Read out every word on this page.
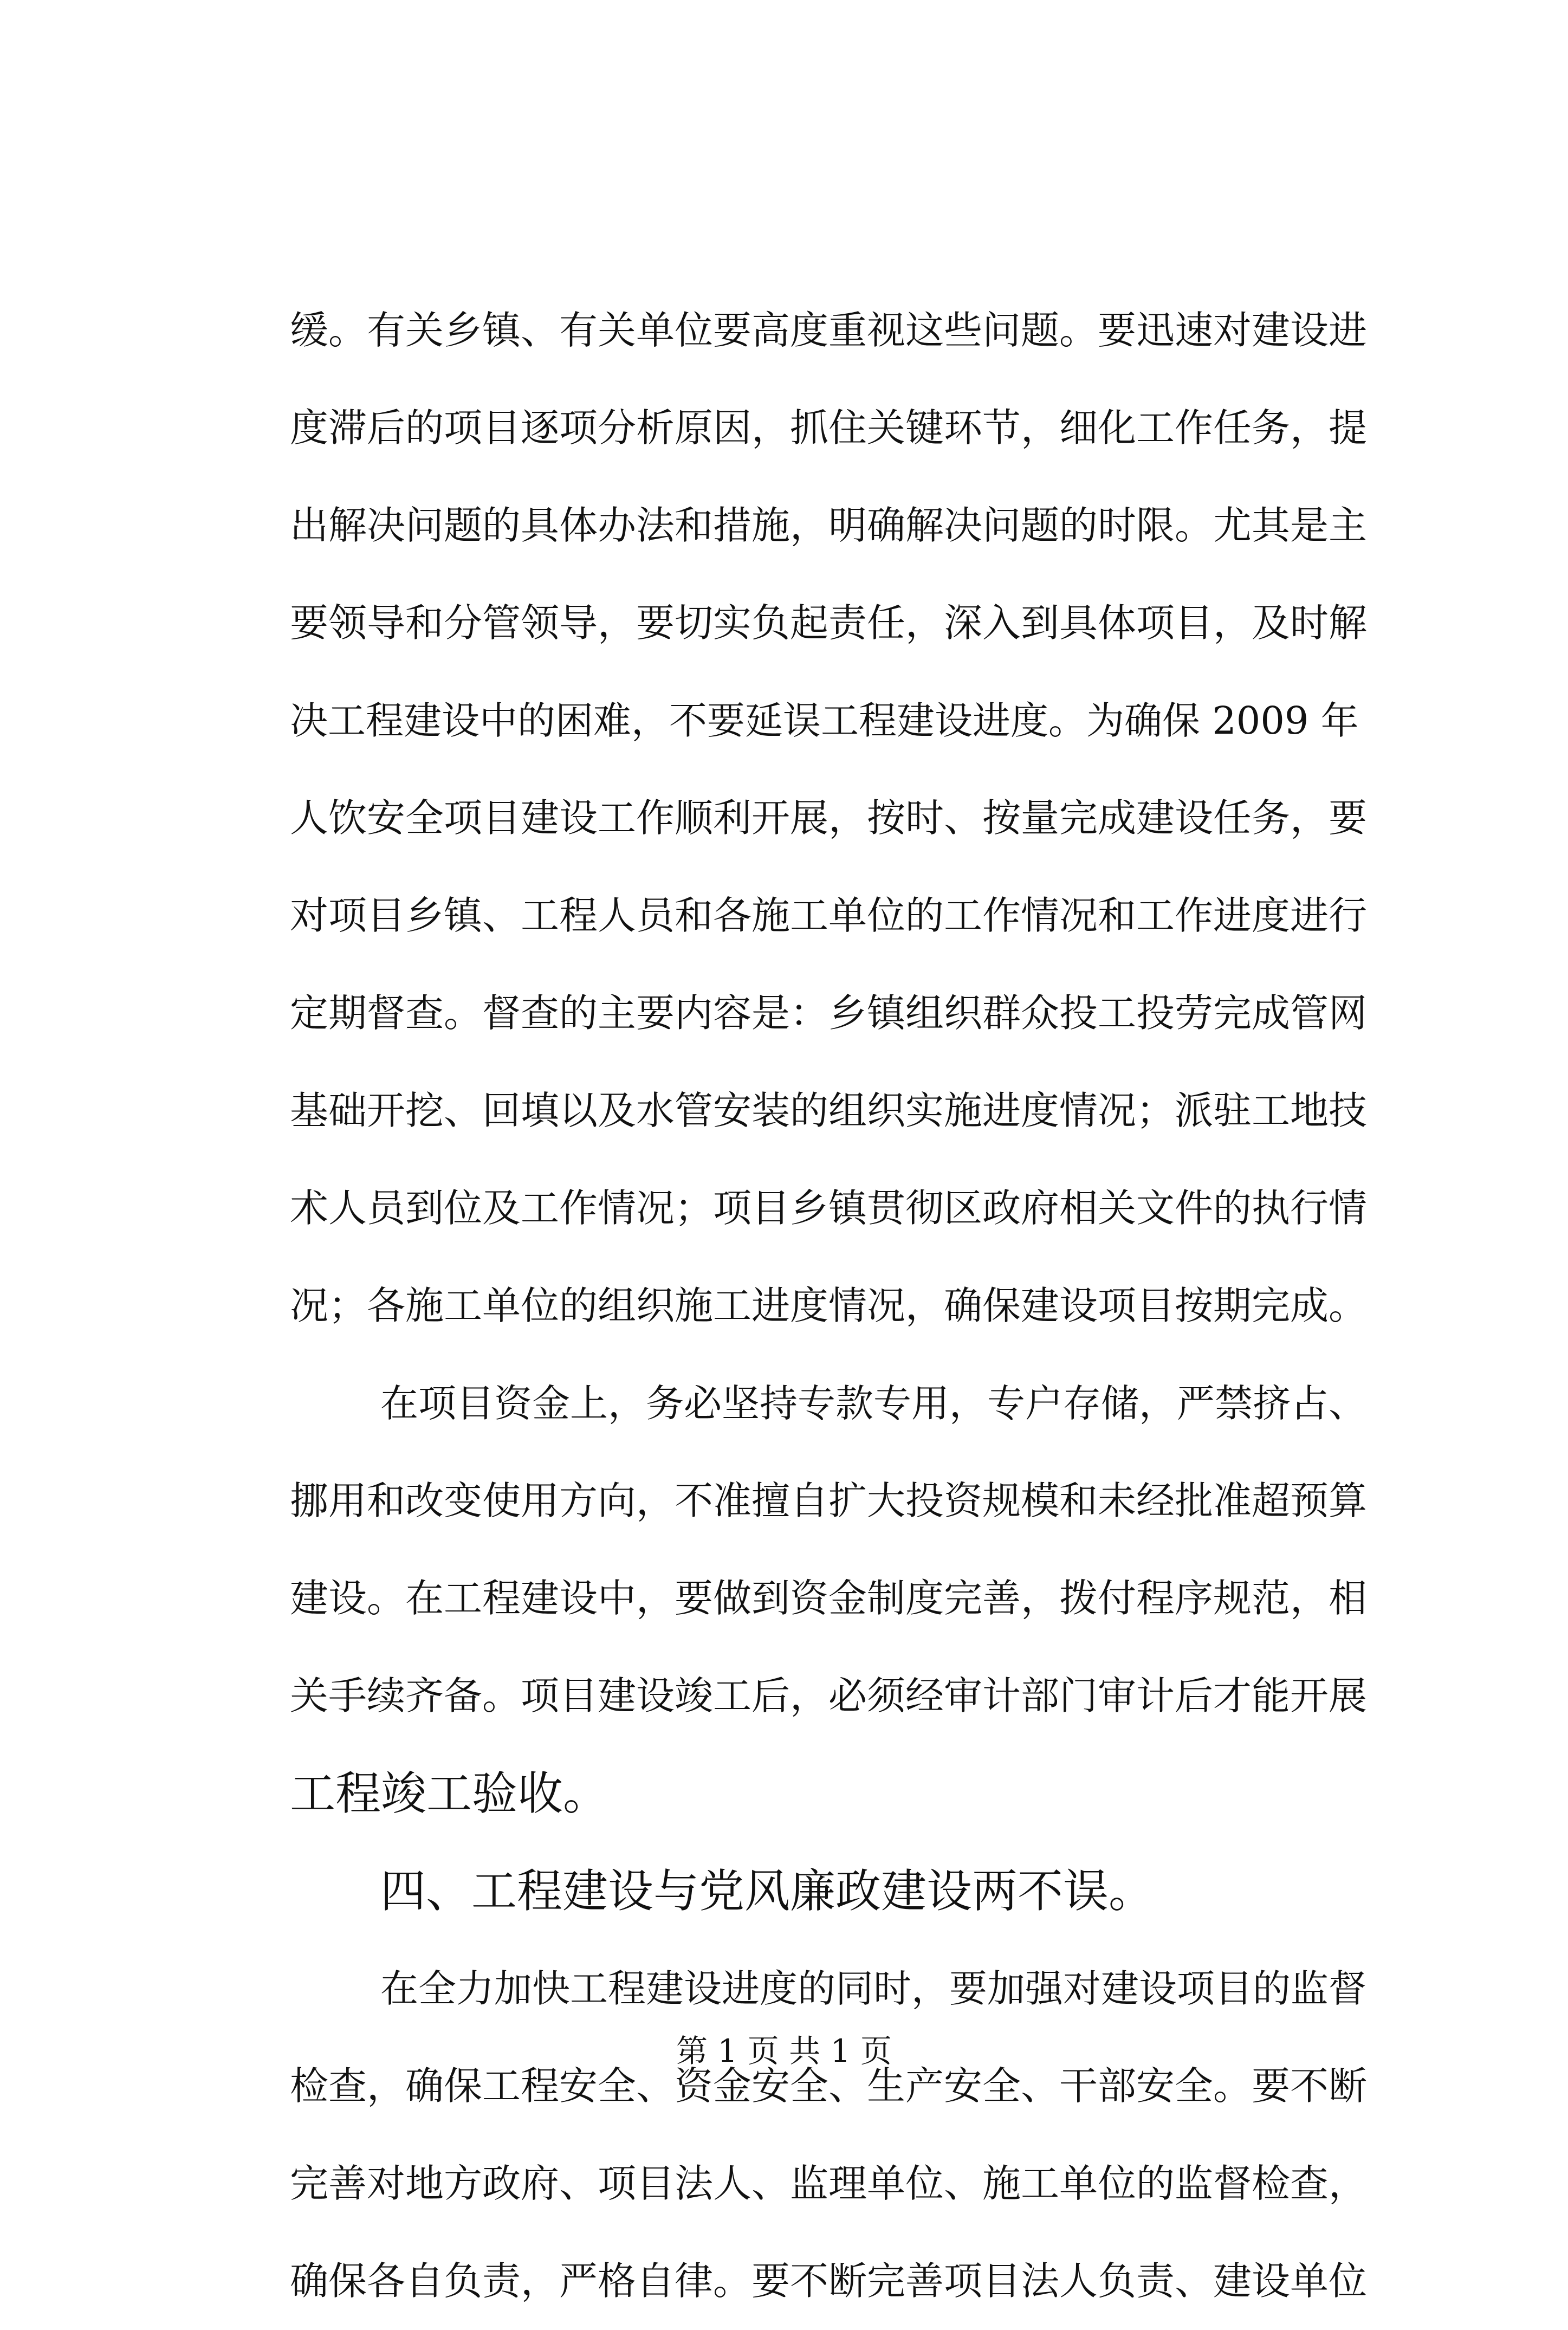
缓。有关乡镇、有关单位要高度重视这些问题。要迅速对建设进
度滞后的项目逐项分析原因，抓住关键环节，细化工作任务，提
出解决问题的具体办法和措施，明确解决问题的时限。尤其是主
要领导和分管领导，要切实负起责任，深入到具体项目，及时解
决工程建设中的困难，不要延误工程建设进度。为确保 2009 年
人饮安全项目建设工作顺利开展，按时、按量完成建设任务，要
对项目乡镇、工程人员和各施工单位的工作情况和工作进度进行
定期督查。督查的主要内容是：乡镇组织群众投工投劳完成管网
基础开挖、回填以及水管安装的组织实施进度情况；派驻工地技
术人员到位及工作情况；项目乡镇贯彻区政府相关文件的执行情
况；各施工单位的组织施工进度情况，确保建设项目按期完成。
在项目资金上，务必坚持专款专用，专户存储，严禁挤占、
挪用和改变使用方向，不准擅自扩大投资规模和未经批准超预算
建设。在工程建设中，要做到资金制度完善，拨付程序规范，相
关手续齐备。项目建设竣工后，必须经审计部门审计后才能开展
工程竣工验收。
四、工程建设与党风廉政建设两不误。
在全力加快工程建设进度的同时，要加强对建设项目的监督
检查，确保工程安全、资金安全、生产安全、干部安全。要不断
完善对地方政府、项目法人、监理单位、施工单位的监督检查，
确保各自负责，严格自律。要不断完善项目法人负责、建设单位
第 1 页 共 1 页
